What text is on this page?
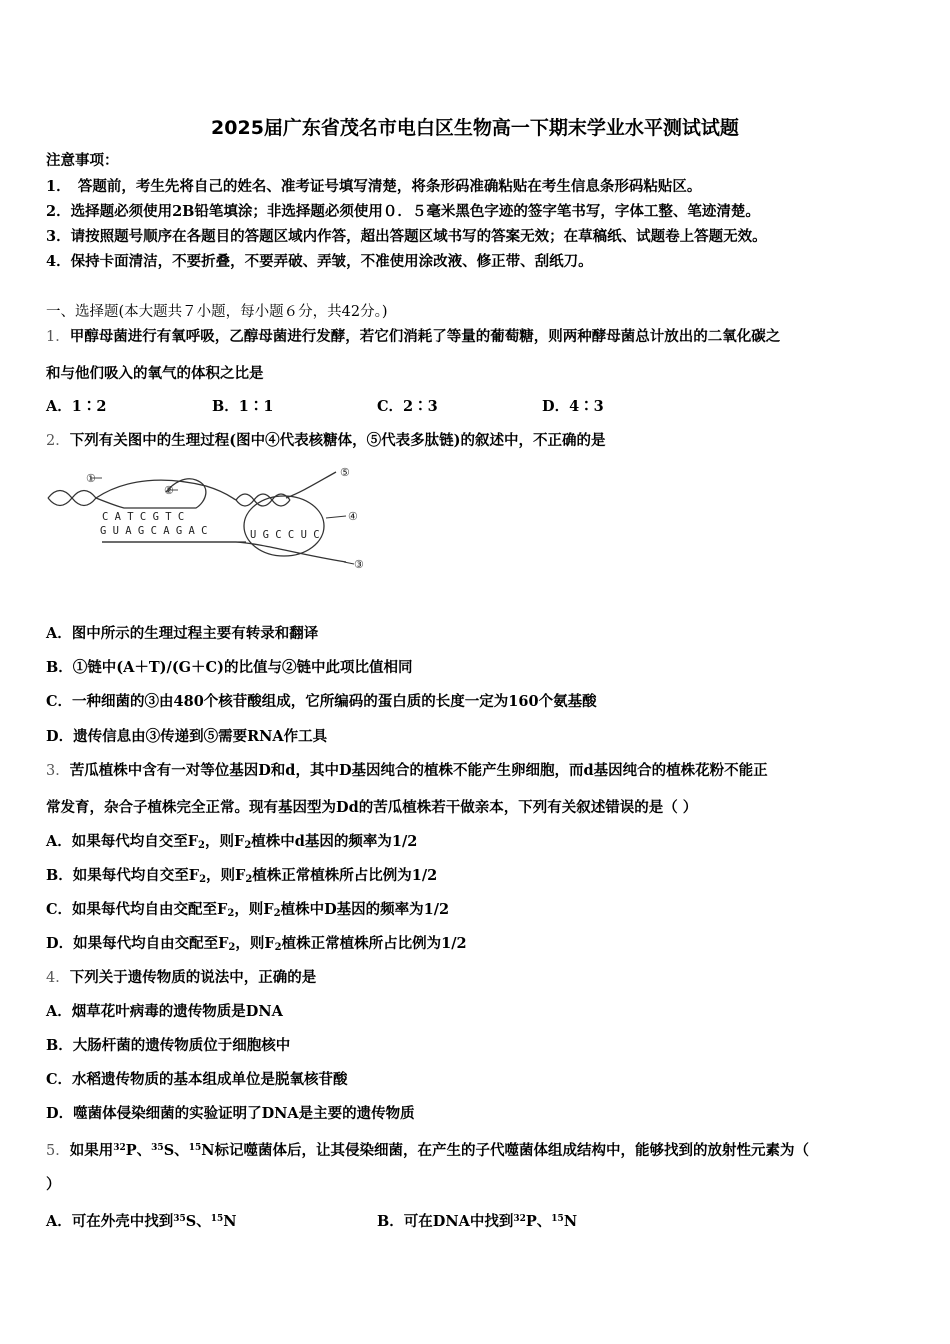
2025届广东省茂名市电白区生物高一下期末学业水平测试试题
注意事项：
1．　答题前，考生先将自己的姓名、准考证号填写清楚，将条形码准确粘贴在考生信息条形码粘贴区。
2．选择题必须使用2B铅笔填涂；非选择题必须使用０．５毫米黑色字迹的签字笔书写，字体工整、笔迹清楚。
3．请按照题号顺序在各题目的答题区域内作答，超出答题区域书写的答案无效；在草稿纸、试题卷上答题无效。
4．保持卡面清洁，不要折叠，不要弄破、弄皱，不准使用涂改液、修正带、刮纸刀。
一、选择题(本大题共７小题，每小题６分，共42分。)
1．甲醇母菌进行有氧呼吸，乙醇母菌进行发酵，若它们消耗了等量的葡萄糖，则两种酵母菌总计放出的二氧化碳之
和与他们吸入的氧气的体积之比是
A．1∶2	B．1∶1	C．2∶3	D．4∶3
2．下列有关图中的生理过程(图中④代表核糖体，⑤代表多肽链)的叙述中，不正确的是
①
②
③
④
⑤
C A T C G T C
G U A G C A G A C	U G C C U C
A．图中所示的生理过程主要有转录和翻译
B．①链中(A＋T)/(G＋C)的比值与②链中此项比值相同
C．一种细菌的③由480个核苷酸组成，它所编码的蛋白质的长度一定为160个氨基酸
D．遗传信息由③传递到⑤需要RNA作工具
3．苦瓜植株中含有一对等位基因D和d，其中D基因纯合的植株不能产生卵细胞，而d基因纯合的植株花粉不能正
常发育，杂合子植株完全正常。现有基因型为Dd的苦瓜植株若干做亲本，下列有关叙述错误的是（ ）
A．如果每代均自交至$F_2$，则$F_2$植株中d基因的频率为1/2
B．如果每代均自交至$F_2$，则$F_2$植株正常植株所占比例为1/2
C．如果每代均自由交配至$F_2$，则$F_2$植株中D基因的频率为1/2
D．如果每代均自由交配至$F_2$，则$F_2$植株正常植株所占比例为1/2
4．下列关于遗传物质的说法中，正确的是
A．烟草花叶病毒的遗传物质是DNA
B．大肠杆菌的遗传物质位于细胞核中
C．水稻遗传物质的基本组成单位是脱氧核苷酸
D．噬菌体侵染细菌的实验证明了DNA是主要的遗传物质
5．如果用$^{32}$P、$^{35}$S、$^{15}$N标记噬菌体后，让其侵染细菌，在产生的子代噬菌体组成结构中，能够找到的放射性元素为（
）
A．可在外壳中找到$^{35}$S、$^{15}$N	B．可在DNA中找到$^{32}$P、$^{15}$N
